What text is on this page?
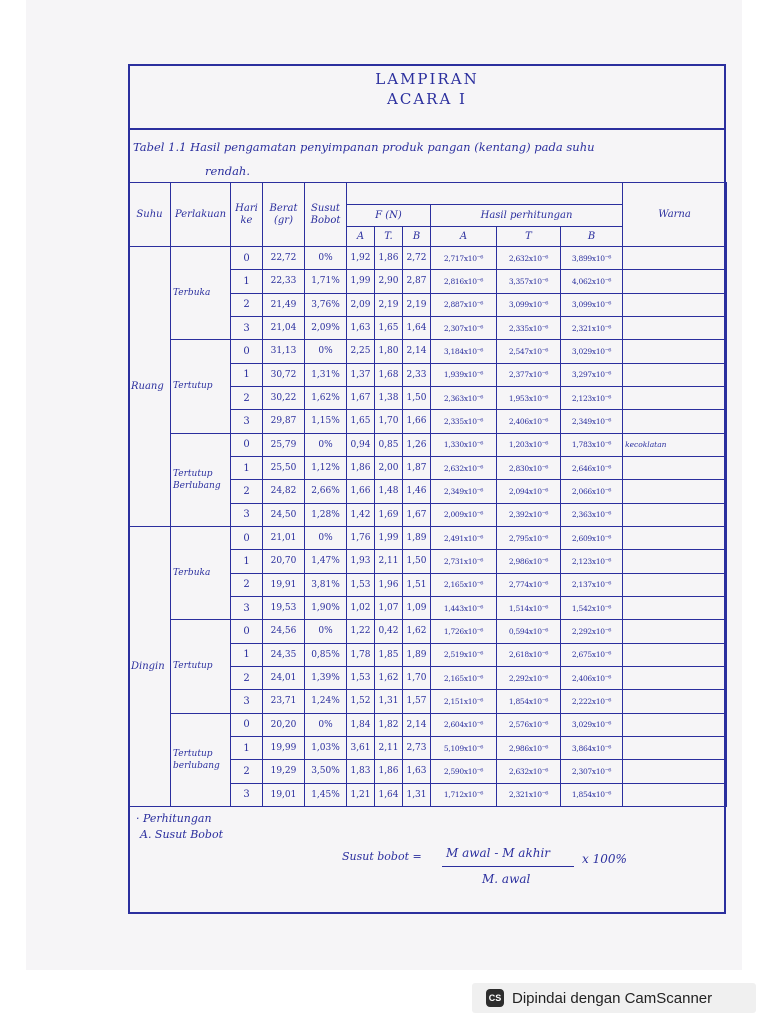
LAMPIRAN
ACARA I
Tabel 1.1 Hasil pengamatan penyimpanan produk pangan (kentang) pada suhu
rendah.
Suhu	Perlakuan	Hari ke	Berat (gr)	Susut Bobot							Warna
					F (N)			Hasil perhitungan			
					A	T.	B	A	T	B	
Ruang	Terbuka	0	22,72	0%	1,92	1,86	2,72	2,717x10⁻⁶	2,632x10⁻⁶	3,899x10⁻⁶	
		1	22,33	1,71%	1,99	2,90	2,87	2,816x10⁻⁶	3,357x10⁻⁶	4,062x10⁻⁶	
		2	21,49	3,76%	2,09	2,19	2,19	2,887x10⁻⁶	3,099x10⁻⁶	3,099x10⁻⁶	
		3	21,04	2,09%	1,63	1,65	1,64	2,307x10⁻⁶	2,335x10⁻⁶	2,321x10⁻⁶	
	Tertutup	0	31,13	0%	2,25	1,80	2,14	3,184x10⁻⁶	2,547x10⁻⁶	3,029x10⁻⁶	
		1	30,72	1,31%	1,37	1,68	2,33	1,939x10⁻⁶	2,377x10⁻⁶	3,297x10⁻⁶	
		2	30,22	1,62%	1,67	1,38	1,50	2,363x10⁻⁶	1,953x10⁻⁶	2,123x10⁻⁶	
		3	29,87	1,15%	1,65	1,70	1,66	2,335x10⁻⁶	2,406x10⁻⁶	2,349x10⁻⁶	
	Tertutup Berlubang	0	25,79	0%	0,94	0,85	1,26	1,330x10⁻⁶	1,203x10⁻⁶	1,783x10⁻⁶	kecoklatan
		1	25,50	1,12%	1,86	2,00	1,87	2,632x10⁻⁶	2,830x10⁻⁶	2,646x10⁻⁶	
		2	24,82	2,66%	1,66	1,48	1,46	2,349x10⁻⁶	2,094x10⁻⁶	2,066x10⁻⁶	
		3	24,50	1,28%	1,42	1,69	1,67	2,009x10⁻⁶	2,392x10⁻⁶	2,363x10⁻⁶	
Dingin	Terbuka	0	21,01	0%	1,76	1,99	1,89	2,491x10⁻⁶	2,795x10⁻⁶	2,609x10⁻⁶	
		1	20,70	1,47%	1,93	2,11	1,50	2,731x10⁻⁶	2,986x10⁻⁶	2,123x10⁻⁶	
		2	19,91	3,81%	1,53	1,96	1,51	2,165x10⁻⁶	2,774x10⁻⁶	2,137x10⁻⁶	
		3	19,53	1,90%	1,02	1,07	1,09	1,443x10⁻⁶	1,514x10⁻⁶	1,542x10⁻⁶	
	Tertutup	0	24,56	0%	1,22	0,42	1,62	1,726x10⁻⁶	0,594x10⁻⁶	2,292x10⁻⁶	
		1	24,35	0,85%	1,78	1,85	1,89	2,519x10⁻⁶	2,618x10⁻⁶	2,675x10⁻⁶	
		2	24,01	1,39%	1,53	1,62	1,70	2,165x10⁻⁶	2,292x10⁻⁶	2,406x10⁻⁶	
		3	23,71	1,24%	1,52	1,31	1,57	2,151x10⁻⁶	1,854x10⁻⁶	2,222x10⁻⁶	
	Tertutup berlubang	0	20,20	0%	1,84	1,82	2,14	2,604x10⁻⁶	2,576x10⁻⁶	3,029x10⁻⁶	
		1	19,99	1,03%	3,61	2,11	2,73	5,109x10⁻⁶	2,986x10⁻⁶	3,864x10⁻⁶	
		2	19,29	3,50%	1,83	1,86	1,63	2,590x10⁻⁶	2,632x10⁻⁶	2,307x10⁻⁶	
		3	19,01	1,45%	1,21	1,64	1,31	1,712x10⁻⁶	2,321x10⁻⁶	1,854x10⁻⁶	
· Perhitungan
A. Susut Bobot
Susut bobot = M awal - M akhir
M. awal
x 100%
CS Dipindai dengan CamScanner
